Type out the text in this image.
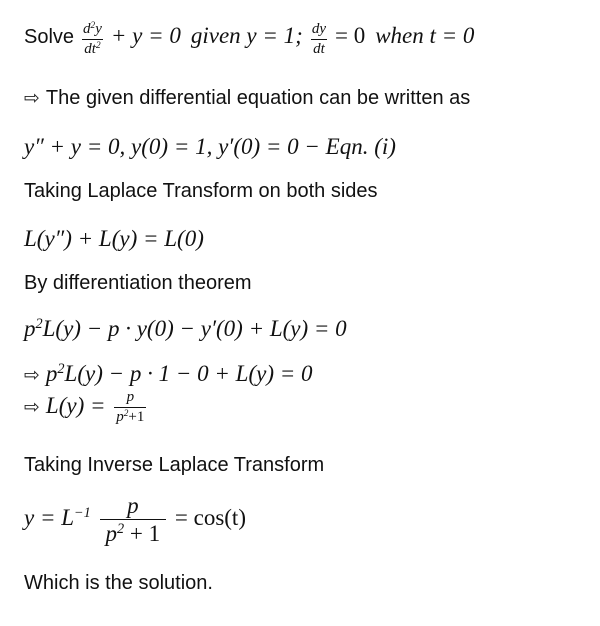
Solve $\frac{d^2y}{dt^2} + y = 0$ given y = 1; $\frac{dy}{dt} = 0$ when t = 0
⇨ The given differential equation can be written as
y″ + y = 0, y(0) = 1, y′(0) = 0 − Eqn. (i)
Taking Laplace Transform on both sides
L(y″) + L(y) = L(0)
By differentiation theorem
$p^2L(y) - p \cdot y(0) - y'(0) + L(y) = 0$
⇨ $p^2L(y) - p \cdot 1 - 0 + L(y) = 0$
⇨ $L(y) = \frac{p}{p^2+1}$
Taking Inverse Laplace Transform
$y = L^{-1} \frac{p}{p^2 + 1} = \cos(t)$
Which is the solution.
